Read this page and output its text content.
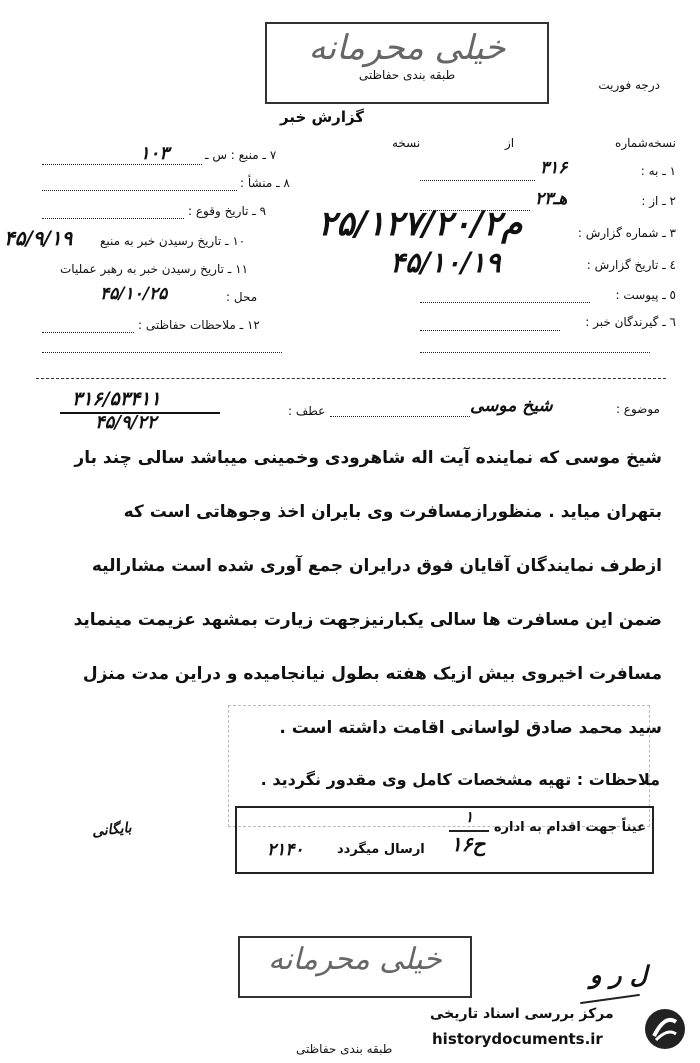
خیلی محرمانه
طبقه بندی حفاظتی
درجه فوریت
گزارش خبر
نسخه‌شماره
از
نسخه
۱ ـ به :
۳۱۶
۲ ـ از :
۲هـ۳
۳ ـ شماره گزارش :
۲۵/۱۲۷/۲۰/۲م
٤ ـ تاریخ گزارش :
۴۵/۱۰/۱۹
٥ ـ پیوست :
٦ ـ گیرندگان خبر :
۷ ـ منبع : س ـ
۱۰۳
۸ ـ منشأ :
۹ ـ تاریخ وقوع :
۱۰ ـ تاریخ رسیدن خبر به منبع
۴۵/۹/۱۹
۱۱ ـ تاریخ رسیدن خبر به رهبر عملیات
محل :
۴۵/۱۰/۲۵
۱۲ ـ ملاحظات حفاظتی :
موضوع :
شیخ موسی
عطف :
۳۱۶/۵۳۴۱۱
۴۵/۹/۲۲
شیخ موسی که نماینده آیت اله شاهرودی وخمینی میباشد سالی چند بار
بتهران میاید . منظورازمسافرت وی بایران اخذ وجوهاتی است که
ازطرف نمایندگان آقایان فوق درایران جمع آوری شده است مشارالیه
ضمن این مسافرت ها سالی یکبارنیزجهت زیارت بمشهد عزیمت مینماید
مسافرت اخیروی بیش ازیک هفته بطول نیانجامیده و دراین مدت منزل
سید محمد صادق لواسانی اقامت داشته است .
ملاحظات : تهیه مشخصات کامل وی مقدور نگردید .
بایگانی	عیناً جهت اقدام به اداره
۱
۱۶ح
ارسال میگردد
۲۱۴۰
خیلی محرمانه	ل ر و
طبقه بندی حفاظتی
مرکز بررسی اسناد تاریخی
historydocuments.ir
